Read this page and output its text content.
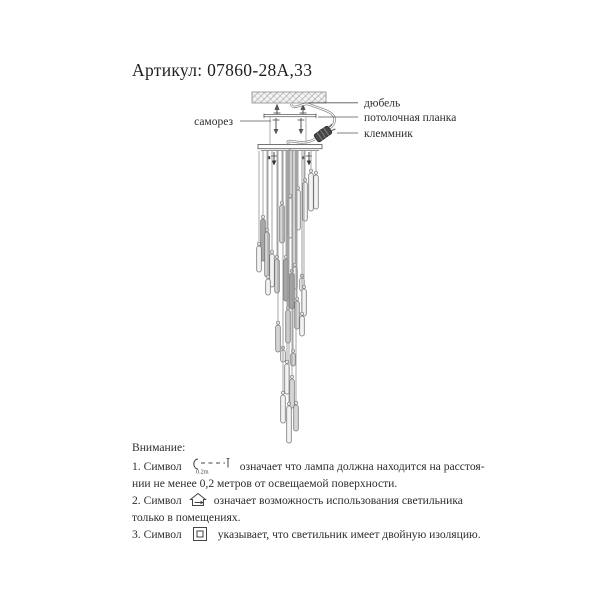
Артикул: 07860-28А,33
дюбель
потолочная планка
клеммник
саморез
Внимание:
1. Символ 0.2m	означает что лампа должна находится на расстоя-
нии не менее 0,2 метров от освещаемой поверхности.
2. Символ	означает возможность использования светильника
только в помещениях.
3. Символ	указывает, что светильник имеет двойную изоляцию.
